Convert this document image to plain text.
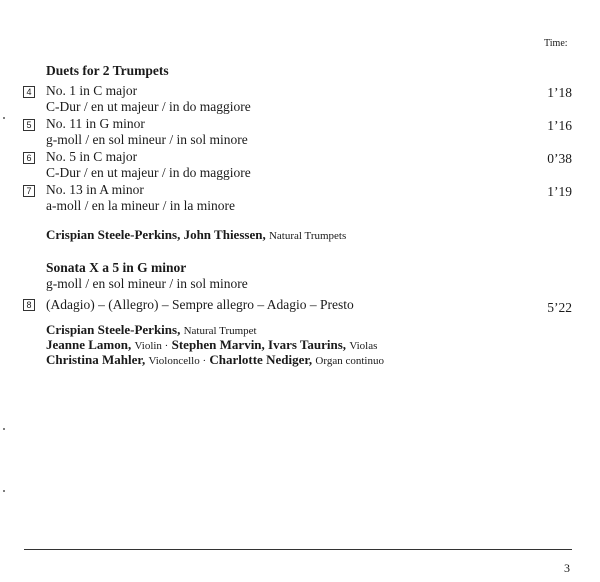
Time:
Duets for 2 Trumpets
4 No. 1 in C major	1’18
C-Dur / en ut majeur / in do maggiore
5 No. 11 in G minor	1’16
g-moll / en sol mineur / in sol minore
6 No. 5 in C major	0’38
C-Dur / en ut majeur / in do maggiore
7 No. 13 in A minor	1’19
a-moll / en la mineur / in la minore
Crispian Steele-Perkins, John Thiessen, Natural Trumpets
Sonata X a 5 in G minor
g-moll / en sol mineur / in sol minore
8 (Adagio) – (Allegro) – Sempre allegro – Adagio – Presto	5’22
Crispian Steele-Perkins, Natural Trumpet
Jeanne Lamon, Violin · Stephen Marvin, Ivars Taurins, Violas
Christina Mahler, Violoncello · Charlotte Nediger, Organ continuo
3
